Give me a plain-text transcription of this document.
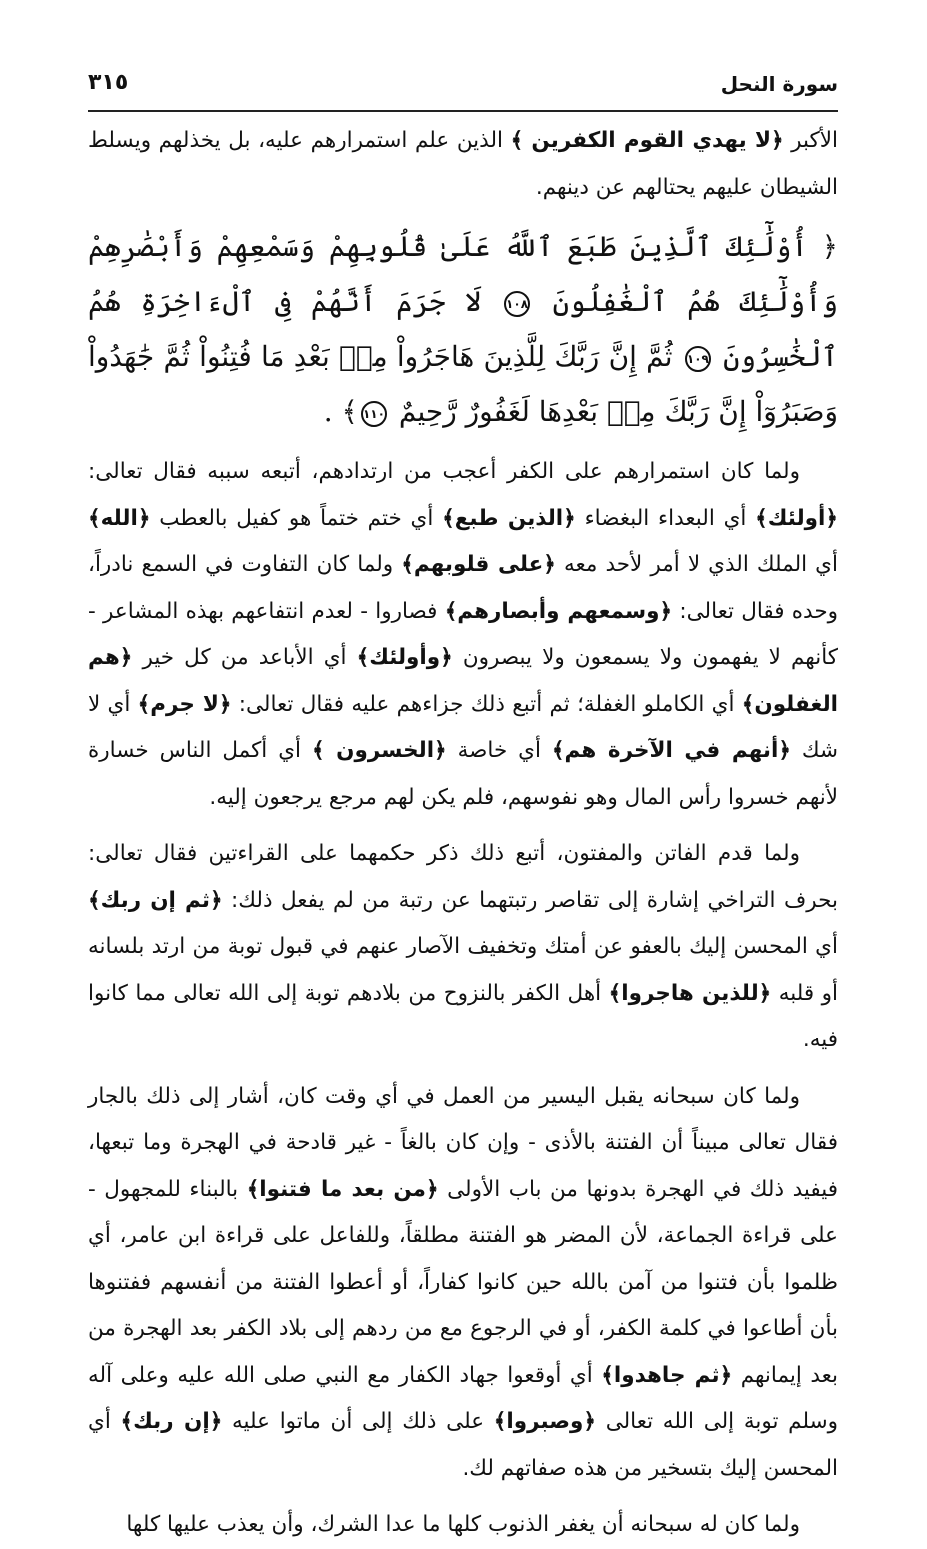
سورة النحل
٣١٥

الأكبر ﴿لا يهدي القوم الكفرين ﴾ الذين علم استمرارهم عليه، بل يخذلهم ويسلط الشيطان عليهم يحتالهم عن دينهم.

﴿ أُوْلَٰٓئِكَ ٱلَّذِينَ طَبَعَ ٱللَّهُ عَلَىٰ قُلُوبِهِمْ وَسَمْعِهِمْ وَأَبْصَٰرِهِمْ وَأُوْلَٰٓئِكَ هُمُ ٱلْغَٰفِلُونَ ١٠٨ لَا جَرَمَ أَنَّهُمْ فِى ٱلْءَاخِرَةِ هُمُ ٱلْخَٰسِرُونَ ١٠٩ ثُمَّ إِنَّ رَبَّكَ لِلَّذِينَ هَاجَرُواْ مِنۢ بَعْدِ مَا فُتِنُواْ ثُمَّ جَٰهَدُواْ وَصَبَرُوٓاْ إِنَّ رَبَّكَ مِنۢ بَعْدِهَا لَغَفُورٌ رَّحِيمٌ ١١٠﴾ .

ولما كان استمرارهم على الكفر أعجب من ارتدادهم، أتبعه سببه فقال تعالى: ﴿أولئك﴾ أي البعداء البغضاء ﴿الذين طبع﴾ أي ختم ختماً هو كفيل بالعطب ﴿الله﴾ أي الملك الذي لا أمر لأحد معه ﴿على قلوبهم﴾ ولما كان التفاوت في السمع نادراً، وحده فقال تعالى: ﴿وسمعهم وأبصارهم﴾ فصاروا - لعدم انتفاعهم بهذه المشاعر - كأنهم لا يفهمون ولا يسمعون ولا يبصرون ﴿وأولئك﴾ أي الأباعد من كل خير ﴿هم الغفلون﴾ أي الكاملو الغفلة؛ ثم أتبع ذلك جزاءهم عليه فقال تعالى: ﴿لا جرم﴾ أي لا شك ﴿أنهم في الآخرة هم﴾ أي خاصة ﴿الخسرون ﴾ أي أكمل الناس خسارة لأنهم خسروا رأس المال وهو نفوسهم، فلم يكن لهم مرجع يرجعون إليه.

ولما قدم الفاتن والمفتون، أتبع ذلك ذكر حكمهما على القراءتين فقال تعالى: بحرف التراخي إشارة إلى تقاصر رتبتهما عن رتبة من لم يفعل ذلك: ﴿ثم إن ربك﴾ أي المحسن إليك بالعفو عن أمتك وتخفيف الآصار عنهم في قبول توبة من ارتد بلسانه أو قلبه ﴿للذين هاجروا﴾ أهل الكفر بالنزوح من بلادهم توبة إلى الله تعالى مما كانوا فيه.

ولما كان سبحانه يقبل اليسير من العمل في أي وقت كان، أشار إلى ذلك بالجار فقال تعالى مبيناً أن الفتنة بالأذى - وإن كان بالغاً - غير قادحة في الهجرة وما تبعها، فيفيد ذلك في الهجرة بدونها من باب الأولى ﴿من بعد ما فتنوا﴾ بالبناء للمجهول - على قراءة الجماعة، لأن المضر هو الفتنة مطلقاً، وللفاعل على قراءة ابن عامر، أي ظلموا بأن فتنوا من آمن بالله حين كانوا كفاراً، أو أعطوا الفتنة من أنفسهم ففتنوها بأن أطاعوا في كلمة الكفر، أو في الرجوع مع من ردهم إلى بلاد الكفر بعد الهجرة من بعد إيمانهم ﴿ثم جاهدوا﴾ أي أوقعوا جهاد الكفار مع النبي صلى الله عليه وعلى آله وسلم توبة إلى الله تعالى ﴿وصبروا﴾ على ذلك إلى أن ماتوا عليه ﴿إن ربك﴾ أي المحسن إليك بتسخير من هذه صفاتهم لك.

ولما كان له سبحانه أن يغفر الذنوب كلها ما عدا الشرك، وأن يعذب عليها كلها
